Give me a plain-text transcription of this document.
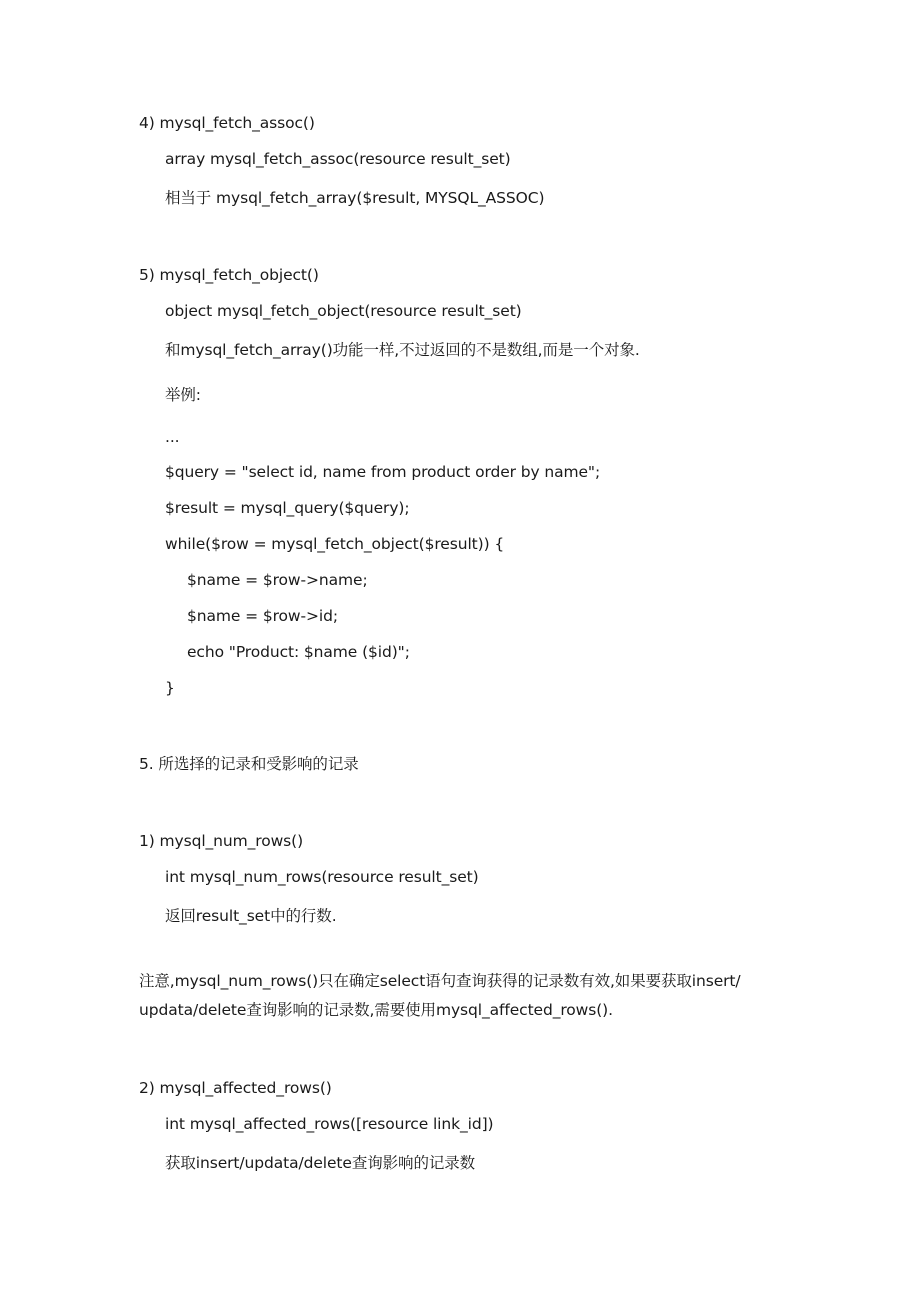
4) mysql_fetch_assoc()
array mysql_fetch_assoc(resource result_set)
相当于 mysql_fetch_array($result, MYSQL_ASSOC)
5) mysql_fetch_object()
object mysql_fetch_object(resource result_set)
和mysql_fetch_array()功能一样,不过返回的不是数组,而是一个对象.
举例:
...
$query = "select id, name from product order by name";
$result = mysql_query($query);
while($row = mysql_fetch_object($result)) {
$name = $row->name;
$name = $row->id;
echo "Product: $name ($id)";
}
5. 所选择的记录和受影响的记录
1) mysql_num_rows()
int mysql_num_rows(resource result_set)
返回result_set中的行数.
注意,mysql_num_rows()只在确定select语句查询获得的记录数有效,如果要获取insert/
updata/delete查询影响的记录数,需要使用mysql_affected_rows().
2) mysql_affected_rows()
int mysql_affected_rows([resource link_id])
获取insert/updata/delete查询影响的记录数
